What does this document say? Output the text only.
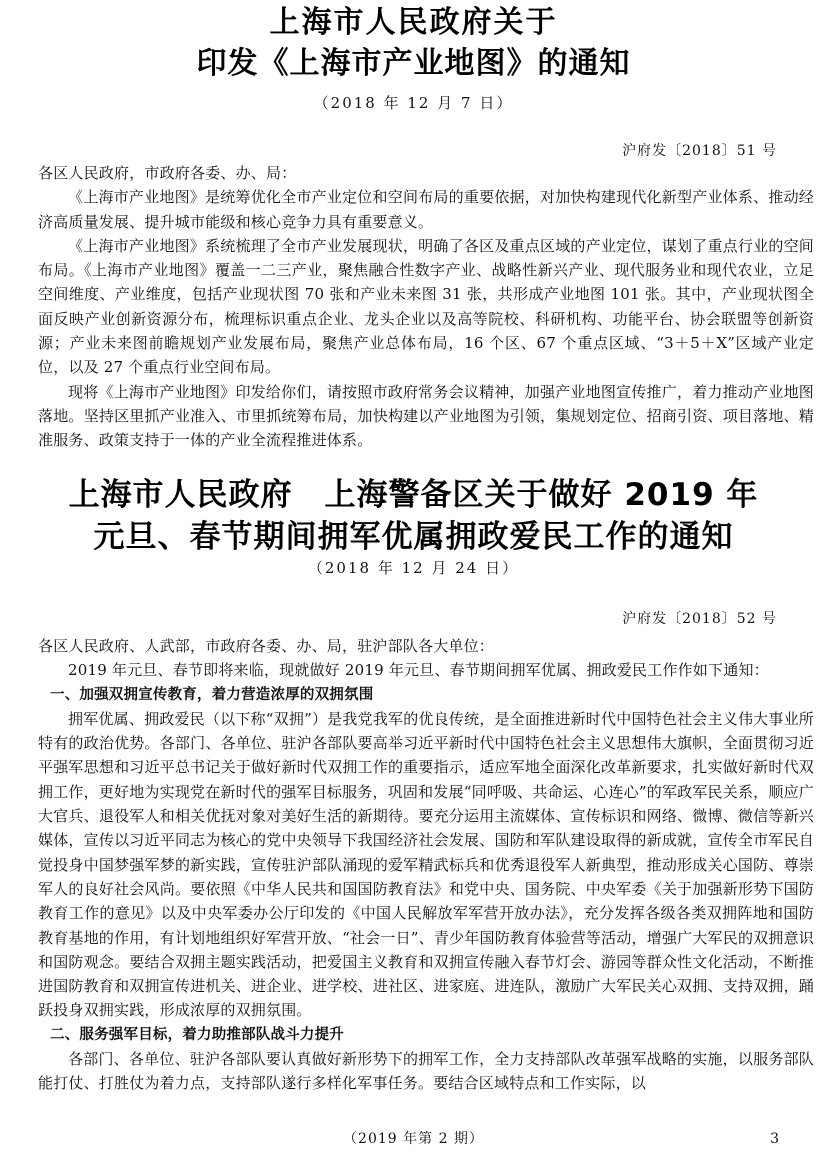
上海市人民政府关于
印发《上海市产业地图》的通知
（2018 年 12 月 7 日）
沪府发〔2018〕51 号

各区人民政府，市政府各委、办、局：

《上海市产业地图》是统筹优化全市产业定位和空间布局的重要依据，对加快构建现代化新型产业体系、推动经济高质量发展、提升城市能级和核心竞争力具有重要意义。

《上海市产业地图》系统梳理了全市产业发展现状，明确了各区及重点区域的产业定位，谋划了重点行业的空间布局。《上海市产业地图》覆盖一二三产业，聚焦融合性数字产业、战略性新兴产业、现代服务业和现代农业，立足空间维度、产业维度，包括产业现状图 70 张和产业未来图 31 张，共形成产业地图 101 张。其中，产业现状图全面反映产业创新资源分布，梳理标识重点企业、龙头企业以及高等院校、科研机构、功能平台、协会联盟等创新资源；产业未来图前瞻规划产业发展布局，聚焦产业总体布局，16 个区、67 个重点区域、“3＋5＋X”区域产业定位，以及 27 个重点行业空间布局。

现将《上海市产业地图》印发给你们，请按照市政府常务会议精神，加强产业地图宣传推广，着力推动产业地图落地。坚持区里抓产业准入、市里抓统筹布局，加快构建以产业地图为引领，集规划定位、招商引资、项目落地、精准服务、政策支持于一体的产业全流程推进体系。

上海市人民政府　上海警备区关于做好 2019 年
元旦、春节期间拥军优属拥政爱民工作的通知
（2018 年 12 月 24 日）
沪府发〔2018〕52 号

各区人民政府、人武部，市政府各委、办、局，驻沪部队各大单位：

2019 年元旦、春节即将来临，现就做好 2019 年元旦、春节期间拥军优属、拥政爱民工作作如下通知：

一、加强双拥宣传教育，着力营造浓厚的双拥氛围

拥军优属、拥政爱民（以下称“双拥”）是我党我军的优良传统，是全面推进新时代中国特色社会主义伟大事业所特有的政治优势。各部门、各单位、驻沪各部队要高举习近平新时代中国特色社会主义思想伟大旗帜，全面贯彻习近平强军思想和习近平总书记关于做好新时代双拥工作的重要指示，适应军地全面深化改革新要求，扎实做好新时代双拥工作，更好地为实现党在新时代的强军目标服务，巩固和发展“同呼吸、共命运、心连心”的军政军民关系，顺应广大官兵、退役军人和相关优抚对象对美好生活的新期待。要充分运用主流媒体、宣传标识和网络、微博、微信等新兴媒体，宣传以习近平同志为核心的党中央领导下我国经济社会发展、国防和军队建设取得的新成就，宣传全市军民自觉投身中国梦强军梦的新实践，宣传驻沪部队涌现的爱军精武标兵和优秀退役军人新典型，推动形成关心国防、尊崇军人的良好社会风尚。要依照《中华人民共和国国防教育法》和党中央、国务院、中央军委《关于加强新形势下国防教育工作的意见》以及中央军委办公厅印发的《中国人民解放军军营开放办法》，充分发挥各级各类双拥阵地和国防教育基地的作用，有计划地组织好军营开放、“社会一日”、青少年国防教育体验营等活动，增强广大军民的双拥意识和国防观念。要结合双拥主题实践活动，把爱国主义教育和双拥宣传融入春节灯会、游园等群众性文化活动，不断推进国防教育和双拥宣传进机关、进企业、进学校、进社区、进家庭、进连队，激励广大军民关心双拥、支持双拥，踊跃投身双拥实践，形成浓厚的双拥氛围。

二、服务强军目标，着力助推部队战斗力提升

各部门、各单位、驻沪各部队要认真做好新形势下的拥军工作，全力支持部队改革强军战略的实施，以服务部队能打仗、打胜仗为着力点，支持部队遂行多样化军事任务。要结合区域特点和工作实际，以

（2019 年第 2 期）	3
